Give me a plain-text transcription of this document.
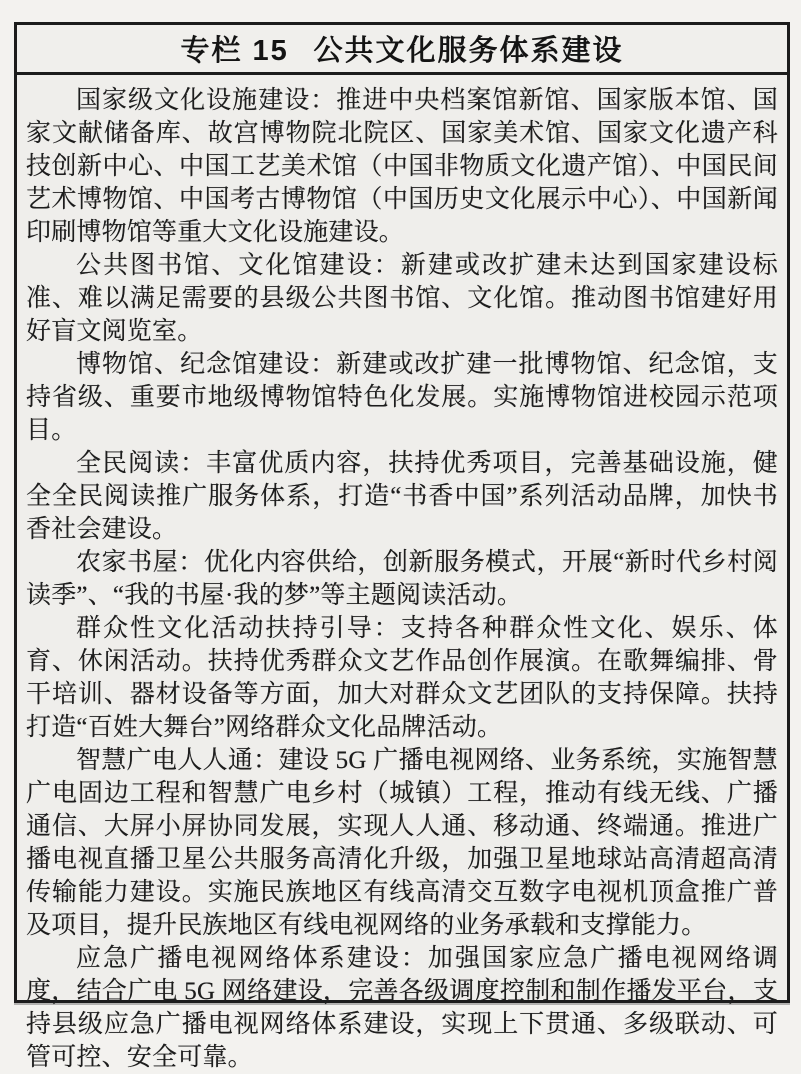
专栏 15 公共文化服务体系建设

国家级文化设施建设：推进中央档案馆新馆、国家版本馆、国家文献储备库、故宫博物院北院区、国家美术馆、国家文化遗产科技创新中心、中国工艺美术馆（中国非物质文化遗产馆）、中国民间艺术博物馆、中国考古博物馆（中国历史文化展示中心）、中国新闻印刷博物馆等重大文化设施建设。

公共图书馆、文化馆建设：新建或改扩建未达到国家建设标准、难以满足需要的县级公共图书馆、文化馆。推动图书馆建好用好盲文阅览室。

博物馆、纪念馆建设：新建或改扩建一批博物馆、纪念馆，支持省级、重要市地级博物馆特色化发展。实施博物馆进校园示范项目。

全民阅读：丰富优质内容，扶持优秀项目，完善基础设施，健全全民阅读推广服务体系，打造“书香中国”系列活动品牌，加快书香社会建设。

农家书屋：优化内容供给，创新服务模式，开展“新时代乡村阅读季”、“我的书屋·我的梦”等主题阅读活动。

群众性文化活动扶持引导：支持各种群众性文化、娱乐、体育、休闲活动。扶持优秀群众文艺作品创作展演。在歌舞编排、骨干培训、器材设备等方面，加大对群众文艺团队的支持保障。扶持打造“百姓大舞台”网络群众文化品牌活动。

智慧广电人人通：建设 5G 广播电视网络、业务系统，实施智慧广电固边工程和智慧广电乡村（城镇）工程，推动有线无线、广播通信、大屏小屏协同发展，实现人人通、移动通、终端通。推进广播电视直播卫星公共服务高清化升级，加强卫星地球站高清超高清传输能力建设。实施民族地区有线高清交互数字电视机顶盒推广普及项目，提升民族地区有线电视网络的业务承载和支撑能力。

应急广播电视网络体系建设：加强国家应急广播电视网络调度，结合广电 5G 网络建设，完善各级调度控制和制作播发平台，支持县级应急广播电视网络体系建设，实现上下贯通、多级联动、可管可控、安全可靠。
